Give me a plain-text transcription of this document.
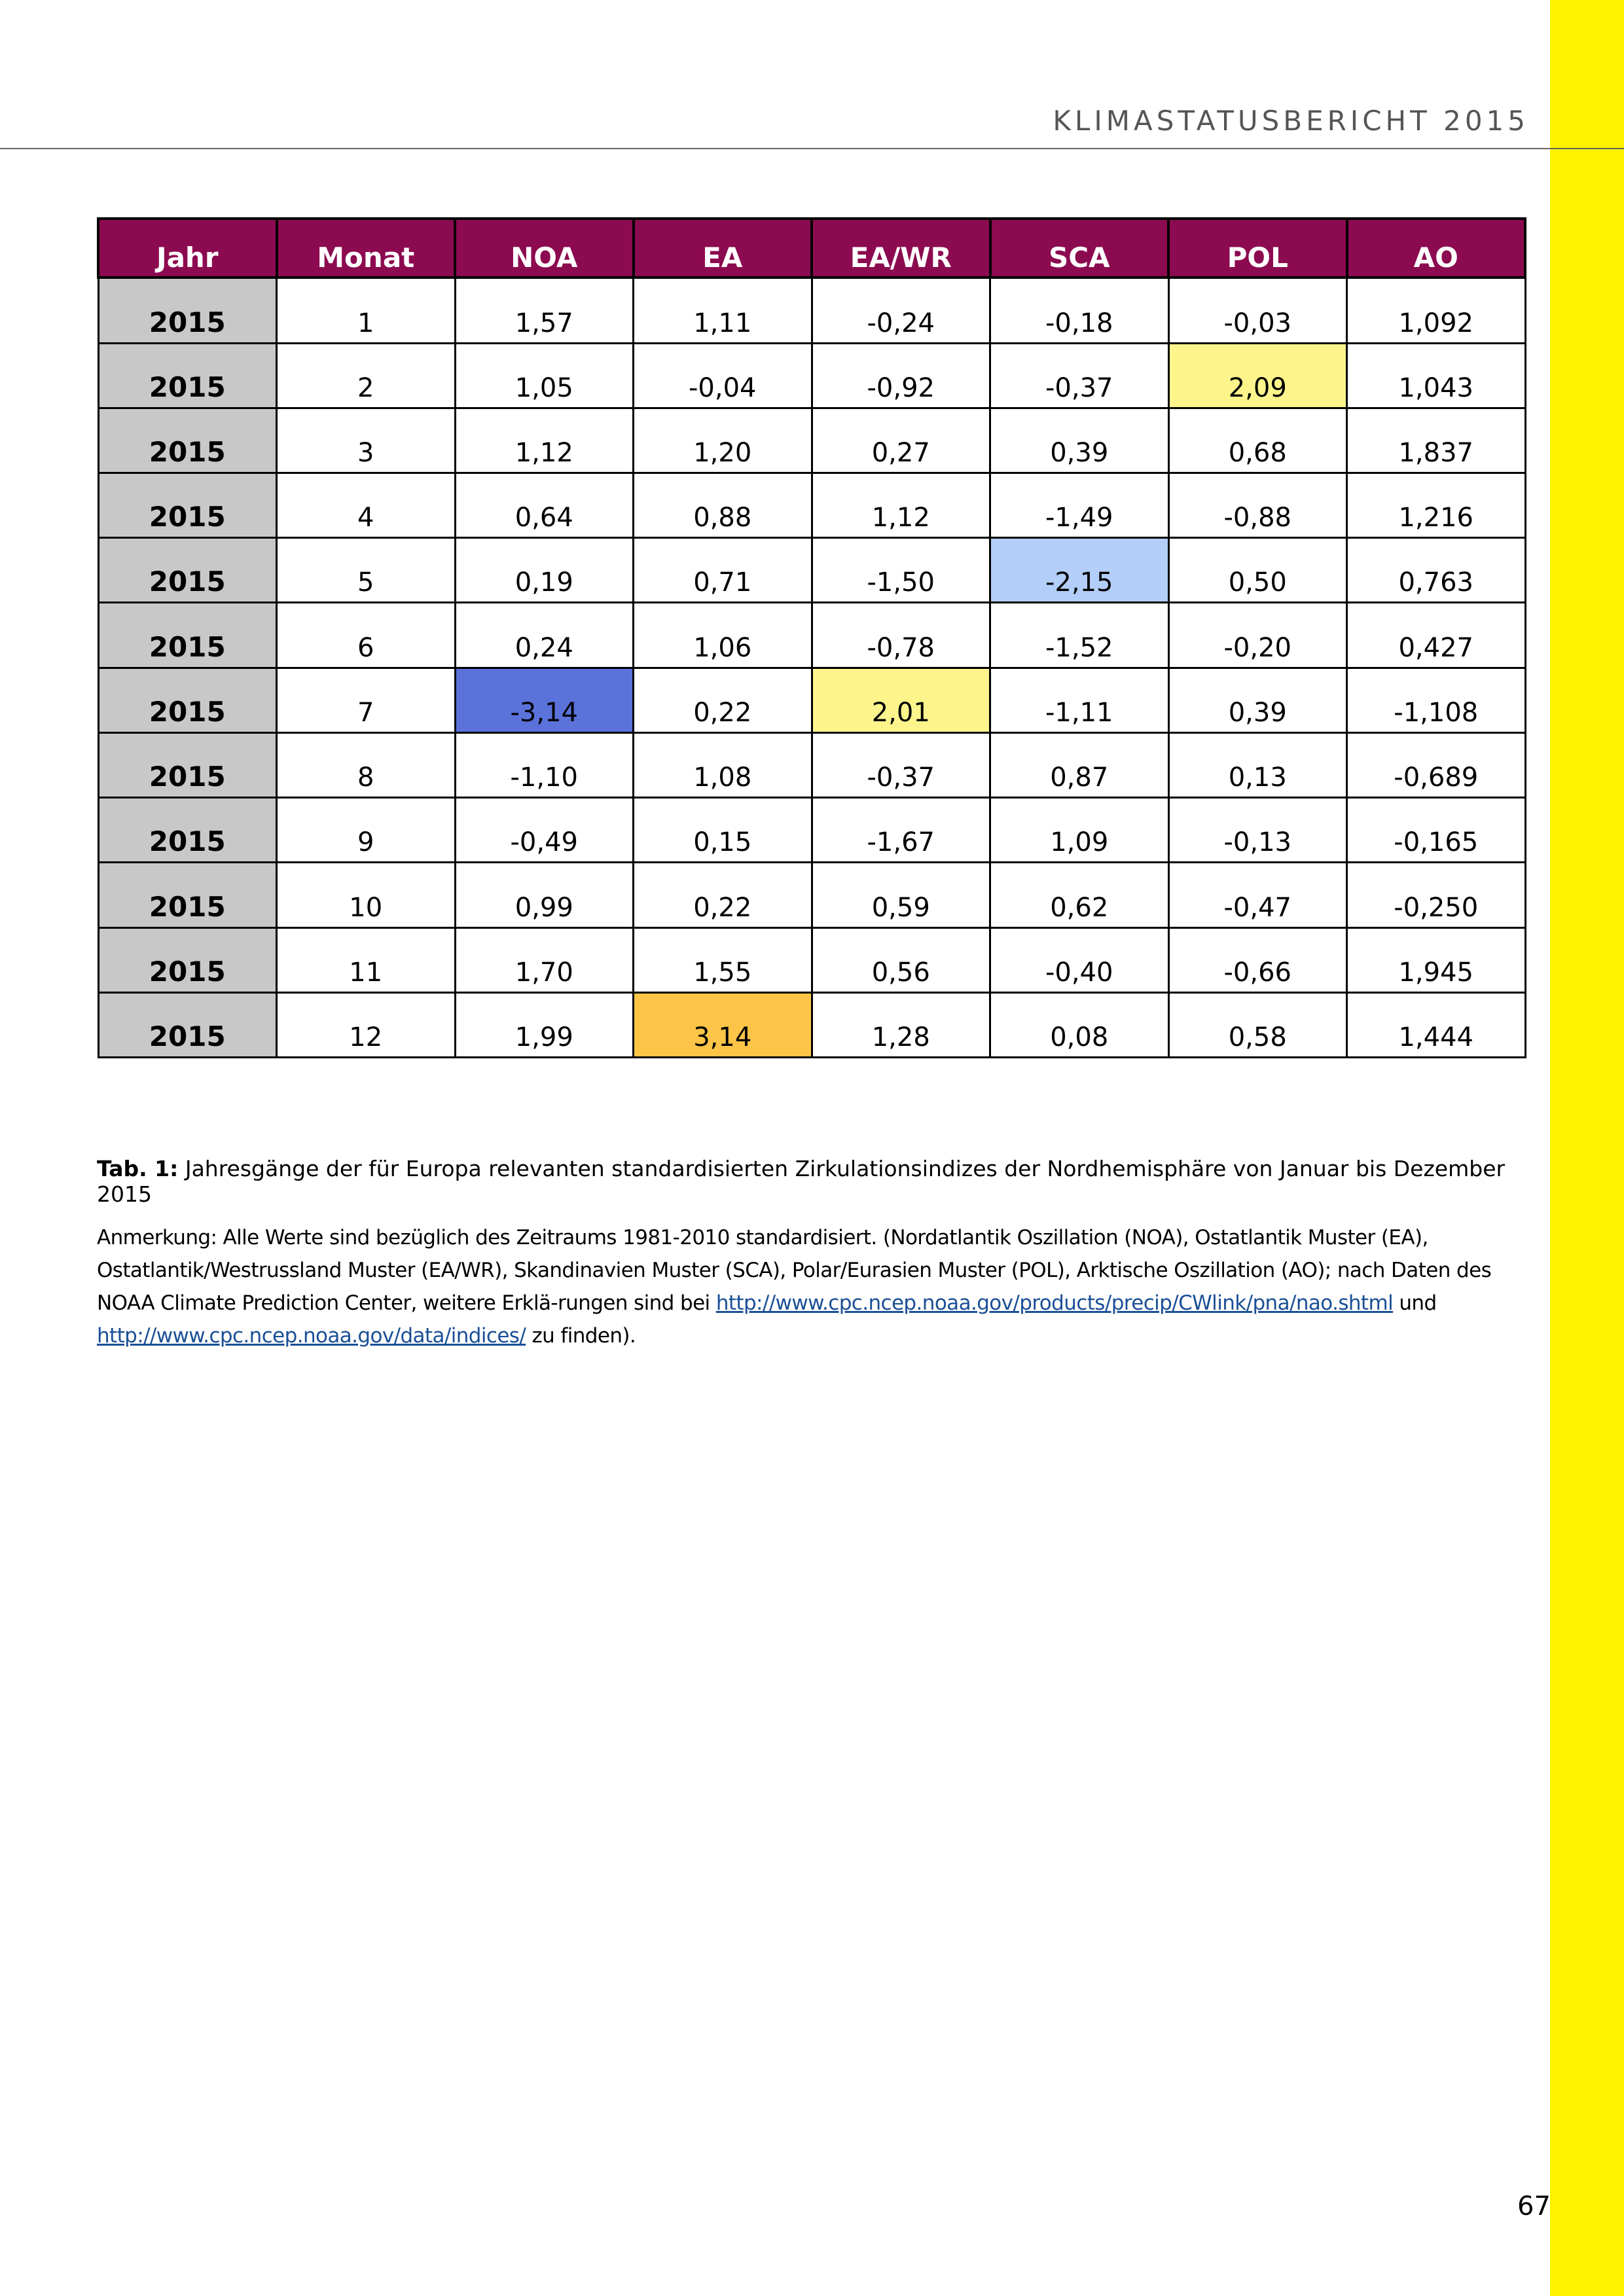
KLIMASTATUSBERICHT 2015
Jahr	Monat	NOA	EA	EA/WR	SCA	POL	AO
2015	1	1,57	1,11	-0,24	-0,18	-0,03	1,092
2015	2	1,05	-0,04	-0,92	-0,37	2,09	1,043
2015	3	1,12	1,20	0,27	0,39	0,68	1,837
2015	4	0,64	0,88	1,12	-1,49	-0,88	1,216
2015	5	0,19	0,71	-1,50	-2,15	0,50	0,763
2015	6	0,24	1,06	-0,78	-1,52	-0,20	0,427
2015	7	-3,14	0,22	2,01	-1,11	0,39	-1,108
2015	8	-1,10	1,08	-0,37	0,87	0,13	-0,689
2015	9	-0,49	0,15	-1,67	1,09	-0,13	-0,165
2015	10	0,99	0,22	0,59	0,62	-0,47	-0,250
2015	11	1,70	1,55	0,56	-0,40	-0,66	1,945
2015	12	1,99	3,14	1,28	0,08	0,58	1,444
Tab. 1: Jahresgänge der für Europa relevanten standardisierten Zirkulationsindizes der Nordhemisphäre von Januar bis Dezember 2015
Anmerkung: Alle Werte sind bezüglich des Zeitraums 1981-2010 standardisiert. (Nordatlantik Oszillation (NOA), Ostatlantik Muster (EA), Ostatlantik/Westrussland Muster (EA/WR), Skandinavien Muster (SCA), Polar/Eurasien Muster (POL), Arktische Oszillation (AO); nach Daten des NOAA Climate Prediction Center, weitere Erklä-rungen sind bei http://www.cpc.ncep.noaa.gov/products/precip/CWlink/pna/nao.shtml und http://www.cpc.ncep.noaa.gov/data/indices/ zu finden).
67
